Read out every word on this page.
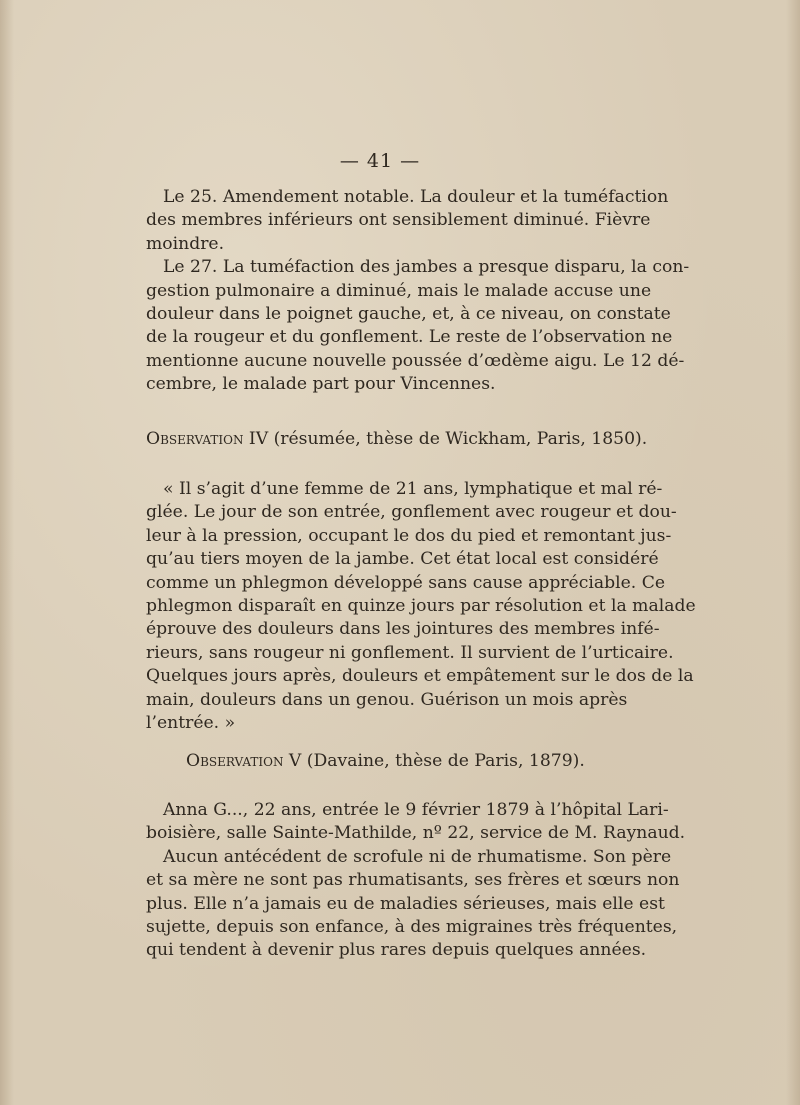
— 41 —
Le 25. Amendement notable. La douleur et la tuméfaction
des membres inférieurs ont sensiblement diminué. Fièvre
moindre.
Le 27. La tuméfaction des jambes a presque disparu, la con-
gestion pulmonaire a diminué, mais le malade accuse une
douleur dans le poignet gauche, et, à ce niveau, on constate
de la rougeur et du gonflement. Le reste de l’observation ne
mentionne aucune nouvelle poussée d’œdème aigu. Le 12 dé-
cembre, le malade part pour Vincennes.
Observation IV (résumée, thèse de Wickham, Paris, 1850).
« Il s’agit d’une femme de 21 ans, lymphatique et mal ré-
glée. Le jour de son entrée, gonflement avec rougeur et dou-
leur à la pression, occupant le dos du pied et remontant jus-
qu’au tiers moyen de la jambe. Cet état local est considéré
comme un phlegmon développé sans cause appréciable. Ce
phlegmon disparaît en quinze jours par résolution et la malade
éprouve des douleurs dans les jointures des membres infé-
rieurs, sans rougeur ni gonflement. Il survient de l’urticaire.
Quelques jours après, douleurs et empâtement sur le dos de la
main, douleurs dans un genou. Guérison un mois après
l’entrée. »
Observation V (Davaine, thèse de Paris, 1879).
Anna G..., 22 ans, entrée le 9 février 1879 à l’hôpital Lari-
boisière, salle Sainte-Mathilde, nº 22, service de M. Raynaud.
Aucun antécédent de scrofule ni de rhumatisme. Son père
et sa mère ne sont pas rhumatisants, ses frères et sœurs non
plus. Elle n’a jamais eu de maladies sérieuses, mais elle est
sujette, depuis son enfance, à des migraines très fréquentes,
qui tendent à devenir plus rares depuis quelques années.
